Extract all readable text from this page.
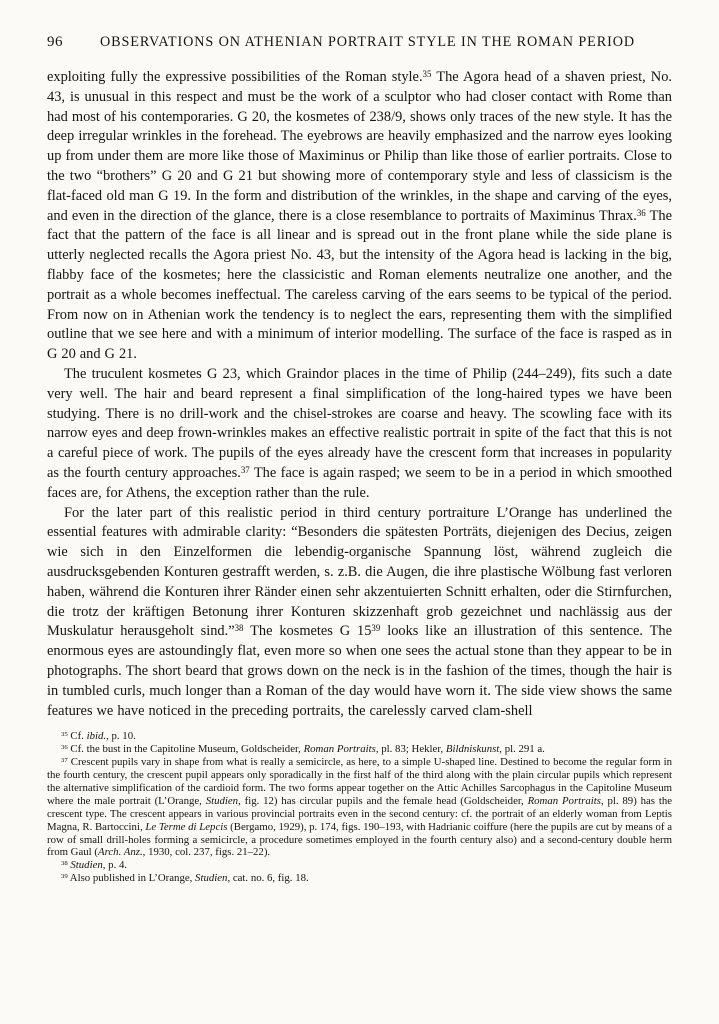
96	OBSERVATIONS ON ATHENIAN PORTRAIT STYLE IN THE ROMAN PERIOD

exploiting fully the expressive possibilities of the Roman style.$^{35}$ The Agora head of a shaven priest, No. 43, is unusual in this respect and must be the work of a sculptor who had closer contact with Rome than had most of his contemporaries. G 20, the kosmetes of 238/9, shows only traces of the new style. It has the deep irregular wrinkles in the forehead. The eyebrows are heavily emphasized and the narrow eyes looking up from under them are more like those of Maximinus or Philip than like those of earlier portraits. Close to the two “brothers” G 20 and G 21 but showing more of contemporary style and less of classicism is the flat-faced old man G 19. In the form and distribution of the wrinkles, in the shape and carving of the eyes, and even in the direction of the glance, there is a close resemblance to portraits of Maximinus Thrax.$^{36}$ The fact that the pattern of the face is all linear and is spread out in the front plane while the side plane is utterly neglected recalls the Agora priest No. 43, but the intensity of the Agora head is lacking in the big, flabby face of the kosmetes; here the classicistic and Roman elements neutralize one another, and the portrait as a whole becomes ineffectual. The careless carving of the ears seems to be typical of the period. From now on in Athenian work the tendency is to neglect the ears, representing them with the simplified outline that we see here and with a minimum of interior modelling. The surface of the face is rasped as in G 20 and G 21.

The truculent kosmetes G 23, which Graindor places in the time of Philip (244–249), fits such a date very well. The hair and beard represent a final simplification of the long-haired types we have been studying. There is no drill-work and the chisel-strokes are coarse and heavy. The scowling face with its narrow eyes and deep frown-wrinkles makes an effective realistic portrait in spite of the fact that this is not a careful piece of work. The pupils of the eyes already have the crescent form that increases in popularity as the fourth century approaches.$^{37}$ The face is again rasped; we seem to be in a period in which smoothed faces are, for Athens, the exception rather than the rule.

For the later part of this realistic period in third century portraiture L’Orange has underlined the essential features with admirable clarity: “Besonders die spätesten Porträts, diejenigen des Decius, zeigen wie sich in den Einzelformen die lebendig-organische Spannung löst, während zugleich die ausdrucksgebenden Konturen gestrafft werden, s. z.B. die Augen, die ihre plastische Wölbung fast verloren haben, während die Konturen ihrer Ränder einen sehr akzentuierten Schnitt erhalten, oder die Stirnfurchen, die trotz der kräftigen Betonung ihrer Konturen skizzenhaft grob gezeichnet und nachlässig aus der Muskulatur herausgeholt sind.”$^{38}$ The kosmetes G 15$^{39}$ looks like an illustration of this sentence. The enormous eyes are astoundingly flat, even more so when one sees the actual stone than they appear to be in photographs. The short beard that grows down on the neck is in the fashion of the times, though the hair is in tumbled curls, much longer than a Roman of the day would have worn it. The side view shows the same features we have noticed in the preceding portraits, the carelessly carved clam-shell

$^{35}$ Cf. ibid., p. 10.

$^{36}$ Cf. the bust in the Capitoline Museum, Goldscheider, Roman Portraits, pl. 83; Hekler, Bildniskunst, pl. 291 a.

$^{37}$ Crescent pupils vary in shape from what is really a semicircle, as here, to a simple U-shaped line. Destined to become the regular form in the fourth century, the crescent pupil appears only sporadically in the first half of the third along with the plain circular pupils which represent the alternative simplification of the cardioid form. The two forms appear together on the Attic Achilles Sarcophagus in the Capitoline Museum where the male portrait (L’Orange, Studien, fig. 12) has circular pupils and the female head (Goldscheider, Roman Portraits, pl. 89) has the crescent type. The crescent appears in various provincial portraits even in the second century: cf. the portrait of an elderly woman from Leptis Magna, R. Bartoccini, Le Terme di Lepcis (Bergamo, 1929), p. 174, figs. 190–193, with Hadrianic coiffure (here the pupils are cut by means of a row of small drill-holes forming a semicircle, a procedure sometimes employed in the fourth century also) and a second-century double herm from Gaul (Arch. Anz., 1930, col. 237, figs. 21–22).

$^{38}$ Studien, p. 4.

$^{39}$ Also published in L’Orange, Studien, cat. no. 6, fig. 18.
